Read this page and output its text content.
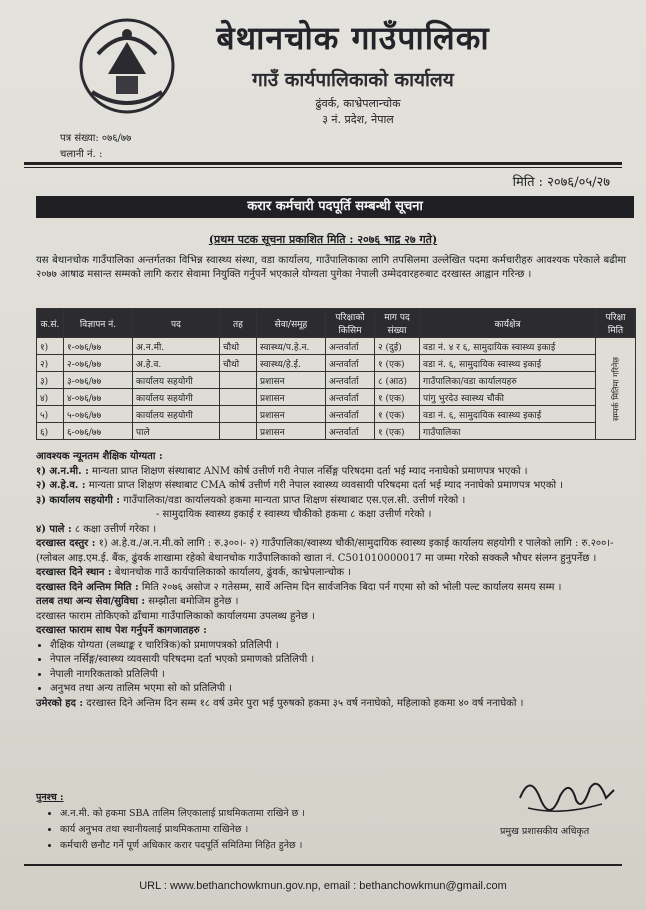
बेथानचोक गाउँपालिका
गाउँ कार्यपालिकाको कार्यालय
ढुंवर्क, काभ्रेपलान्चोक
३ नं. प्रदेश, नेपाल
पत्र संख्या: ०७६/७७
चलानी नं. :
मिति : २०७६/०५/२७
करार कर्मचारी पदपूर्ति सम्बन्धी सूचना
(प्रथम पटक सूचना प्रकाशित मिति : २०७६ भाद्र २७ गते)
यस बेथानचोक गाउँपालिका अन्तर्गतका विभिन्न स्वास्थ्य संस्था, वडा कार्यालय, गाउँपालिकाका लागि तपसिलमा उल्लेखित पदमा कर्मचारीहरु आवश्यक परेकाले बढीमा २०७७ आषाढ मसान्त सम्मको लागि करार सेवामा नियुक्ति गर्नुपर्ने भएकाले योग्यता पुगेका नेपाली उम्मेदवारहरुबाट दरखास्त आह्वान गरिन्छ ।
क.सं.	विज्ञापन नं.	पद	तह	सेवा/समूह	परिक्षाको किसिम	माग पद संख्या	कार्यक्षेत्र	परिक्षा मिति
१)	१-०७६/७७	अ.न.मी.	चौथो	स्वास्थ्य/प.हे.न.	अन्तर्वार्ता	२ (दुई)	वडा नं. ४ र ६, सामुदायिक स्वास्थ्य इकाई	सम्पर्क मितिमा गरिनेछ
२)	२-०७६/७७	अ.हे.व.	चौथो	स्वास्थ्य/हे.ई.	अन्तर्वार्ता	१ (एक)	वडा नं. ६, सामुदायिक स्वास्थ्य इकाई	
३)	३-०७६/७७	कार्यालय सहयोगी		प्रशासन	अन्तर्वार्ता	८ (आठ)	गाउँपालिका/वडा कार्यालयहरु	
४)	४-०७६/७७	कार्यालय सहयोगी		प्रशासन	अन्तर्वार्ता	१ (एक)	पांगु भुरदेउ स्वास्थ्य चौकी	
५)	५-०७६/७७	कार्यालय सहयोगी		प्रशासन	अन्तर्वार्ता	१ (एक)	वडा नं. ६, सामुदायिक स्वास्थ्य इकाई	
६)	६-०७६/७७	पाले		प्रशासन	अन्तर्वार्ता	१ (एक)	गाउँपालिका	

आवश्यक न्यूनतम शैक्षिक योग्यता :

१) अ.न.मी. : मान्यता प्राप्त शिक्षण संस्थाबाट ANM कोर्ष उत्तीर्ण गरी नेपाल नर्सिङ्ग परिषदमा दर्ता भई म्याद ननाघेको प्रमाणपत्र भएको ।

२) अ.हे.व. : मान्यता प्राप्त शिक्षण संस्थाबाट CMA कोर्ष उत्तीर्ण गरी नेपाल स्वास्थ्य व्यवसायी परिषदमा दर्ता भई म्याद ननाघेको प्रमाणपत्र भएको ।

३) कार्यालय सहयोगी : गाउँपालिका/वडा कार्यालयको हकमा मान्यता प्राप्त शिक्षण संस्थाबाट एस.एल.सी. उत्तीर्ण गरेको ।

- सामुदायिक स्वास्थ्य इकाई र स्वास्थ्य चौकीको हकमा ८ कक्षा उत्तीर्ण गरेको ।

४) पाले : ८ कक्षा उत्तीर्ण गरेका ।

दरखास्त दस्तुर : १) अ.हे.व./अ.न.मी.को लागि : रु.३००।- २) गाउँपालिका/स्वास्थ्य चौकी/सामुदायिक स्वास्थ्य इकाई कार्यालय सहयोगी र पालेको लागि : रु.२००।- (ग्लोबल आइ.एम.ई. बैंक, ढुंवर्क शाखामा रहेको बेथानचोक गाउँपालिकाको खाता नं. C501010000017 मा जम्मा गरेको सक्कलै भौचर संलग्न हुनुपर्नेछ ।

दरखास्त दिने स्थान : बेथानचोक गाउँ कार्यपालिकाको कार्यालय, ढुंवर्क, काभ्रेपलान्चोक ।

दरखास्त दिने अन्तिम मिति : मिति २०७६ असोज २ गतेसम्म, सार्वे अन्तिम दिन सार्वजनिक बिदा पर्न गएमा सो को भोली पल्ट कार्यालय समय सम्म ।

तलब तथा अन्य सेवा/सुविधा : सम्झौता बमोजिम हुनेछ ।

दरखास्त फाराम तोकिएको ढाँचामा गाउँपालिकाको कार्यालयमा उपलब्ध हुनेछ ।

दरखास्त फाराम साथ पेश गर्नुपर्ने कागजातहरु :

• शैक्षिक योग्यता (लब्धाङ्क र चारित्रिक)को प्रमाणपत्रको प्रतिलिपी ।
• नेपाल नर्सिङ्ग/स्वास्थ्य व्यवसायी परिषदमा दर्ता भएको प्रमाणको प्रतिलिपी ।
• नेपाली नागरिकताको प्रतिलिपी ।
• अनुभव तथा अन्य तालिम भएमा सो को प्रतिलिपी ।

उमेरको हद : दरखास्त दिने अन्तिम दिन सम्म १८ वर्ष उमेर पुरा भई पुरुषको हकमा ३५ वर्ष ननाघेको, महिलाको हकमा ४० वर्ष ननाघेको ।

पुनश्च :
• अ.न.मी. को हकमा SBA तालिम लिएकालाई प्राथमिकतामा राखिने छ ।
• कार्य अनुभव तथा स्थानीयलाई प्राथमिकतामा राखिनेछ ।
• कर्मचारी छनौट गर्ने पूर्ण अधिकार करार पदपूर्ति समितिमा निहित हुनेछ ।
प्रमुख प्रशासकीय अधिकृत
URL : www.bethanchowkmun.gov.np, email : bethanchowkmun@gmail.com
